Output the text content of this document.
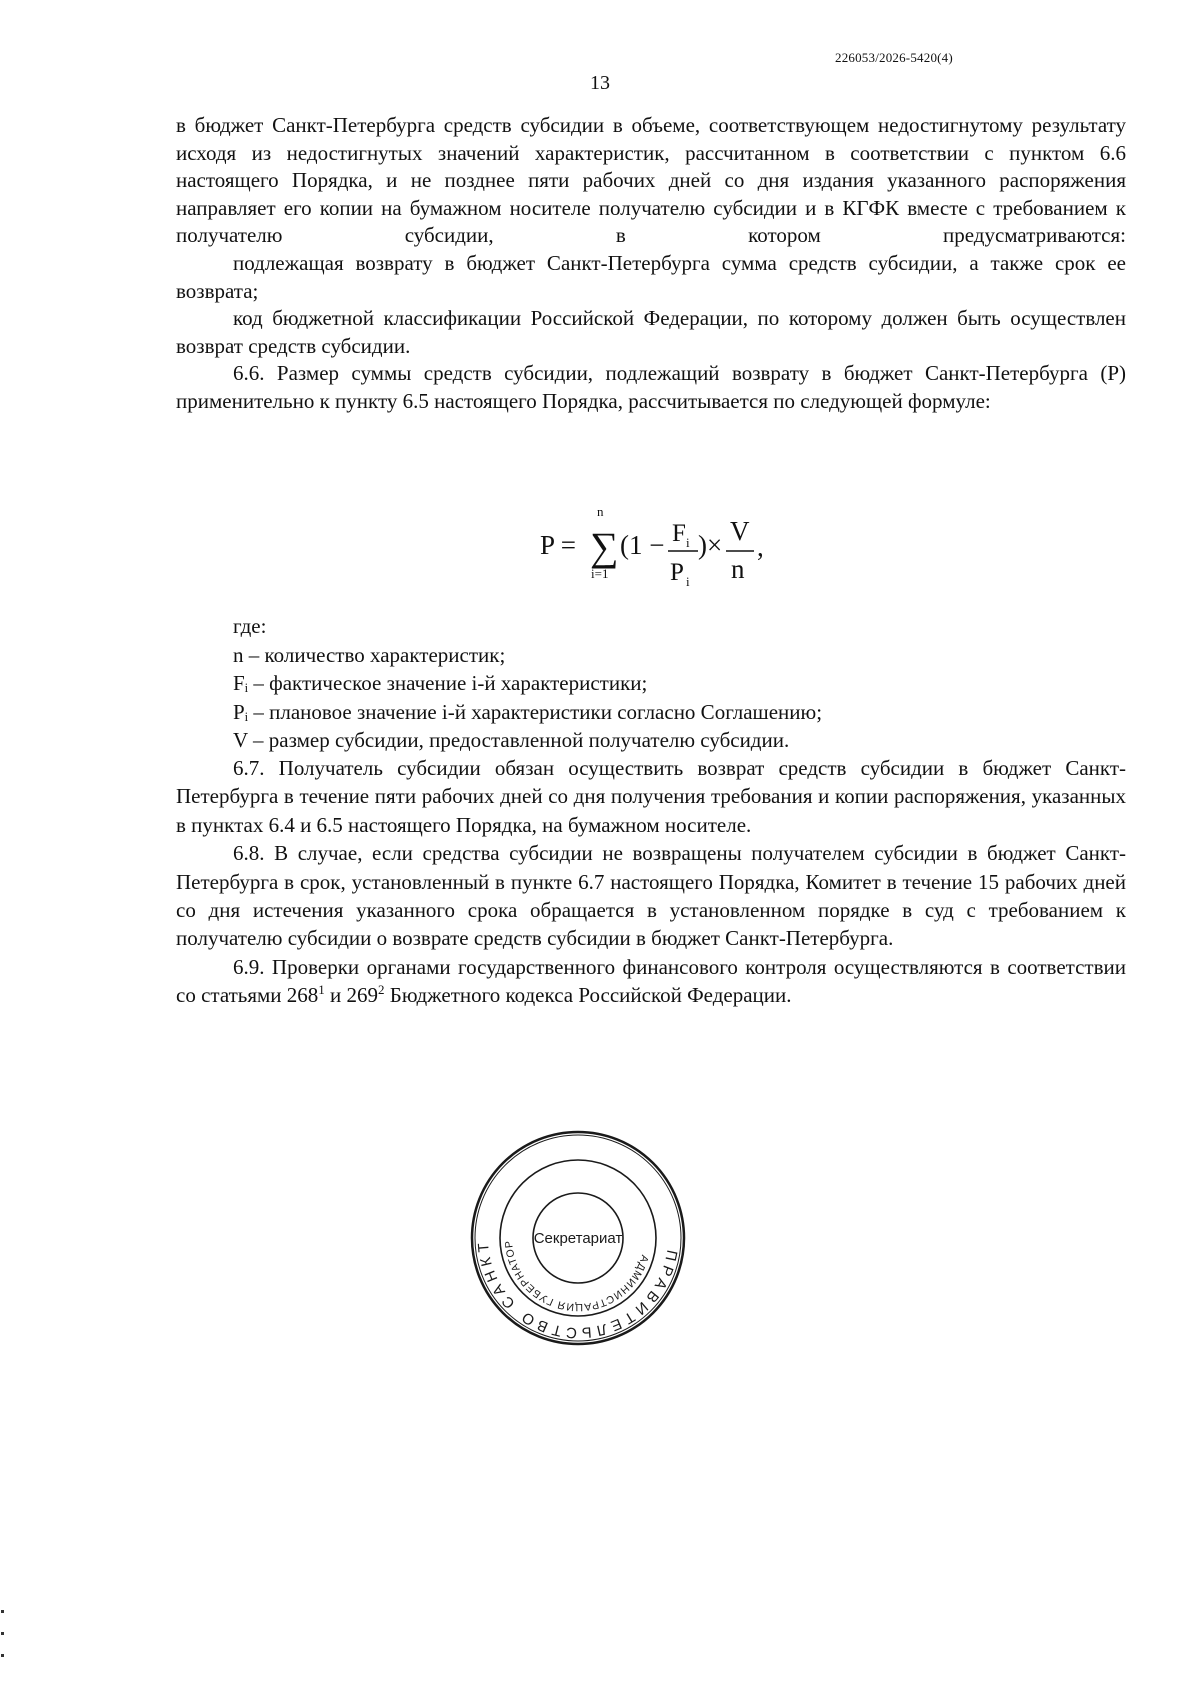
226053/2026-5420(4)
13

в бюджет Санкт-Петербурга средств субсидии в объеме, соответствующем недостигнутому результату исходя из недостигнутых значений характеристик, рассчитанном в соответствии с пунктом 6.6 настоящего Порядка, и не позднее пяти рабочих дней со дня издания указанного распоряжения направляет его копии на бумажном носителе получателю субсидии и в КГФК вместе с требованием к получателю субсидии, в котором предусматриваются:

подлежащая возврату в бюджет Санкт-Петербурга сумма средств субсидии, а также срок ее возврата;

код бюджетной классификации Российской Федерации, по которому должен быть осуществлен возврат средств субсидии.

6.6. Размер суммы средств субсидии, подлежащий возврату в бюджет Санкт-Петербурга (Р) применительно к пункту 6.5 настоящего Порядка, рассчитывается по следующей формуле:

P = ∑
n
i=1
(1 − F i
P i
)× V
n
,

где:

n – количество характеристик;

Fᵢ – фактическое значение i-й характеристики;

Pᵢ – плановое значение i-й характеристики согласно Соглашению;

V – размер субсидии, предоставленной получателю субсидии.

6.7. Получатель субсидии обязан осуществить возврат средств субсидии в бюджет Санкт-Петербурга в течение пяти рабочих дней со дня получения требования и копии распоряжения, указанных в пунктах 6.4 и 6.5 настоящего Порядка, на бумажном носителе.

6.8. В случае, если средства субсидии не возвращены получателем субсидии в бюджет Санкт-Петербурга в срок, установленный в пункте 6.7 настоящего Порядка, Комитет в течение 15 рабочих дней со дня истечения указанного срока обращается в установленном порядке в суд с требованием к получателю субсидии о возврате средств субсидии в бюджет Санкт-Петербурга.

6.9. Проверки органами государственного финансового контроля осуществляются в соответствии со статьями $268^1$ и $269^2$ Бюджетного кодекса Российской Федерации.

ПРАВИТЕЛЬСТВО САНКТ
АДМИНИСТРАЦИЯ ГУБЕРНАТОР	Секретариат
